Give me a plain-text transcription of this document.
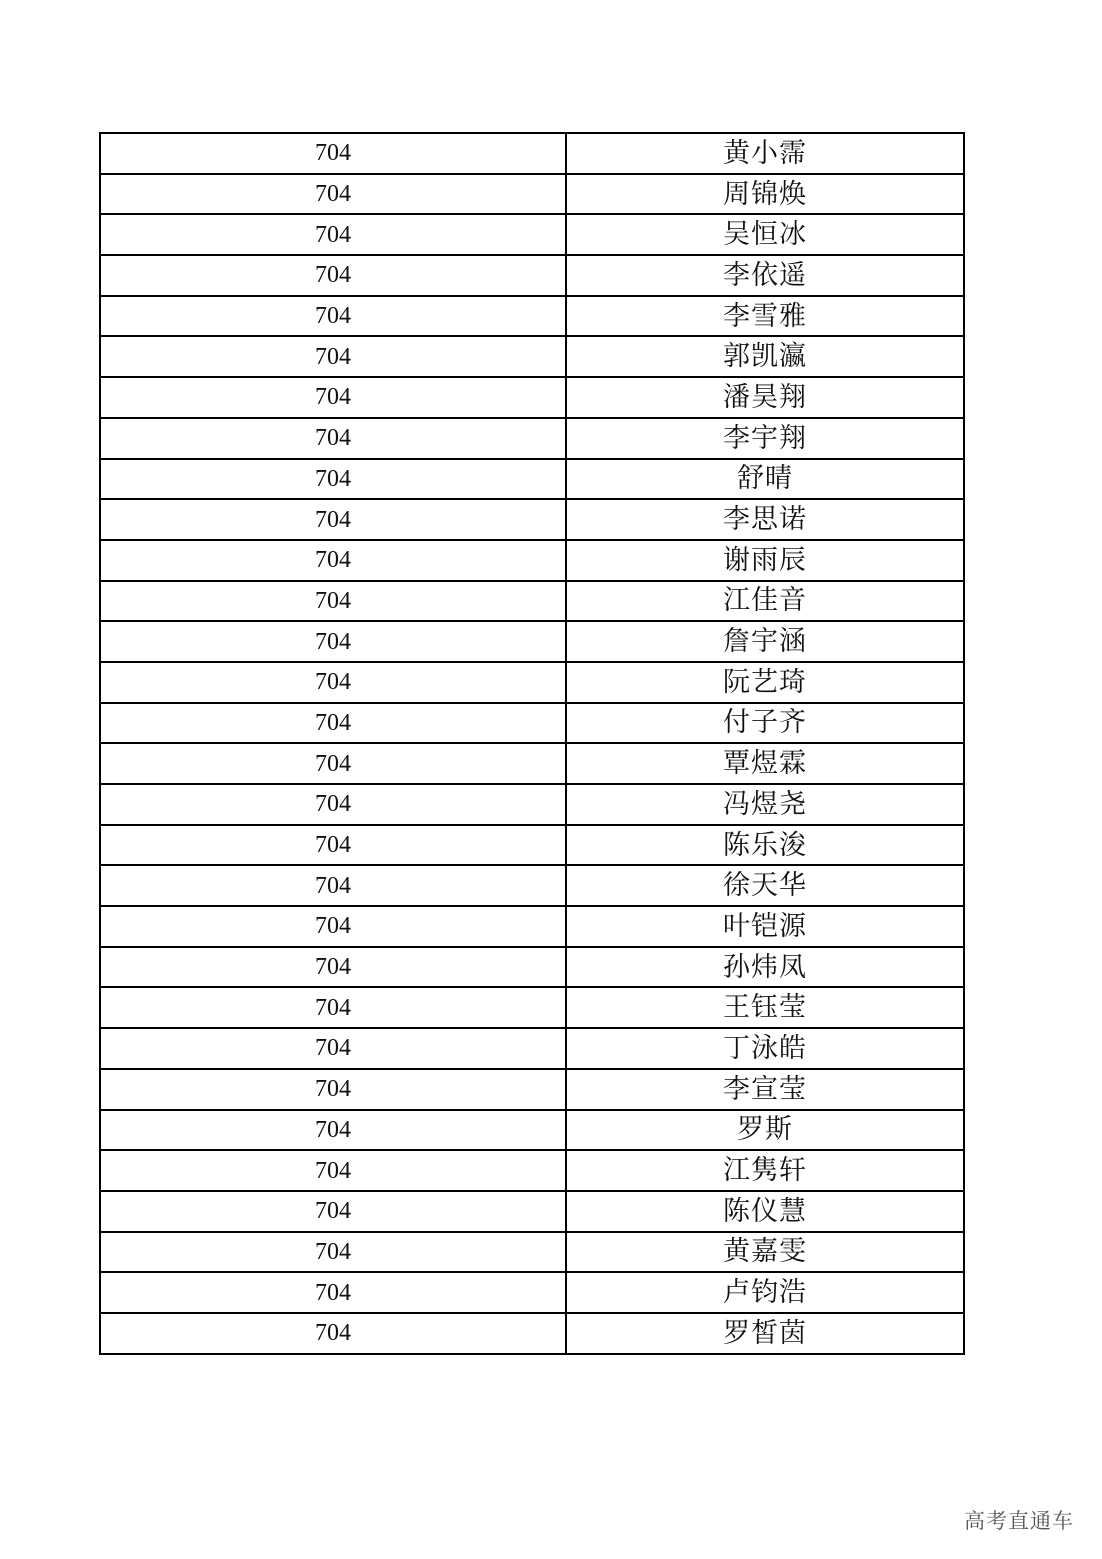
704	黄小霈
704	周锦焕
704	吴恒冰
704	李依遥
704	李雪雅
704	郭凯瀛
704	潘昊翔
704	李宇翔
704	舒晴
704	李思诺
704	谢雨辰
704	江佳音
704	詹宇涵
704	阮艺琦
704	付子齐
704	覃煜霖
704	冯煜尧
704	陈乐浚
704	徐天华
704	叶铠源
704	孙炜凤
704	王钰莹
704	丁泳皓
704	李宣莹
704	罗斯
704	江隽轩
704	陈仪慧
704	黄嘉雯
704	卢钧浩
704	罗皙茵
高考直通车
